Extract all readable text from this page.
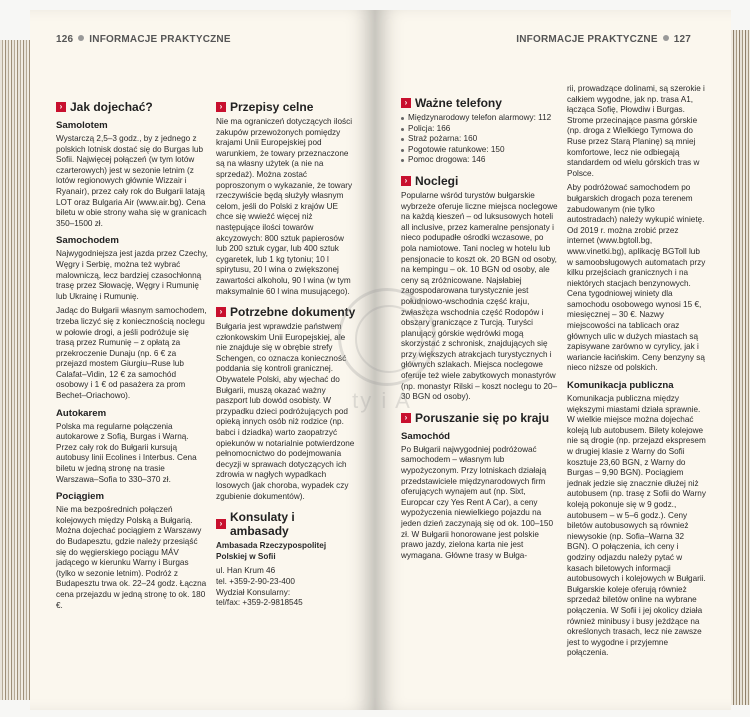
126 INFORMACJE PRAKTYCZNE
› Jak dojechać?
Samolotem

Wystarczą 2,5–3 godz., by z jednego z polskich lotnisk dostać się do Burgas lub Sofii. Najwięcej połączeń (w tym lotów czarterowych) jest w sezonie letnim (z lotów regionowych głównie Wizzair i Ryanair), przez cały rok do Bułgarii latają LOT oraz Bulgaria Air (www.air.bg). Cena biletu w obie strony waha się w granicach 350–1500 zł.

Samochodem

Najwygodniejsza jest jazda przez Czechy, Węgry i Serbię, można też wybrać malowniczą, lecz bardziej czasochłonną trasę przez Słowację, Węgry i Rumunię lub Ukrainę i Rumunię.

Jadąc do Bułgarii własnym samochodem, trzeba liczyć się z koniecznością noclegu w połowie drogi, a jeśli podróżuje się trasą przez Rumunię – z opłatą za przekroczenie Dunaju (np. 6 € za przejazd mostem Giurgiu–Ruse lub Calafat–Vidin, 12 € za samochód osobowy i 1 € od pasażera za prom Bechet–Oriachowo).

Autokarem

Polska ma regularne połączenia autokarowe z Sofią, Burgas i Warną. Przez cały rok do Bułgarii kursują autobusy linii Ecolines i Interbus. Cena biletu w jedną stronę na trasie Warszawa–Sofia to 330–370 zł.

Pociągiem

Nie ma bezpośrednich połączeń kolejowych między Polską a Bułgarią. Można dojechać pociągiem z Warszawy do Budapesztu, gdzie należy przesiąść się do węgierskiego pociągu MÁV jadącego w kierunku Warny i Burgas (tylko w sezonie letnim). Podróż z Budapesztu trwa ok. 22–24 godz. Łączna cena przejazdu w jedną stronę to ok. 180 €.

› Przepisy celne

Nie ma ograniczeń dotyczących ilości zakupów przewożonych pomiędzy krajami Unii Europejskiej pod warunkiem, że towary przeznaczone są na własny użytek (a nie na sprzedaż). Można zostać poproszonym o wykazanie, że towary rzeczywiście będą służyły własnym celom, jeśli do Polski z krajów UE chce się wwieźć więcej niż następujące ilości towarów akcyzowych: 800 sztuk papierosów lub 200 sztuk cygar, lub 400 sztuk cygaretek, lub 1 kg tytoniu; 10 l spirytusu, 20 l wina o zwiększonej zawartości alkoholu, 90 l wina (w tym maksymalnie 60 l wina musującego).

› Potrzebne dokumenty

Bułgaria jest wprawdzie państwem członkowskim Unii Europejskiej, ale nie znajduje się w obrębie strefy Schengen, co oznacza konieczność poddania się kontroli granicznej. Obywatele Polski, aby wjechać do Bułgarii, muszą okazać ważny paszport lub dowód osobisty. W przypadku dzieci podróżujących pod opieką innych osób niż rodzice (np. babci i dziadka) warto zaopatrzyć opiekunów w notarialnie potwierdzone pełnomocnictwo do podejmowania decyzji w sprawach dotyczących ich zdrowia w nagłych wypadkach losowych (jak choroba, wypadek czy zgubienie dokumentów).

› Konsulaty i ambasady

Ambasada Rzeczypospolitej Polskiej w Sofii

ul. Han Krum 46
tel. +359-2-90-23-400
Wydział Konsularny:
tel/fax: +359-2-9818545
INFORMACJE PRAKTYCZNE 127
› Ważne telefony
Międzynarodowy telefon alarmowy: 112
Policja: 166
Straż pożarna: 160
Pogotowie ratunkowe: 150
Pomoc drogowa: 146
› Noclegi

Popularne wśród turystów bułgarskie wybrzeże oferuje liczne miejsca noclegowe na każdą kieszeń – od luksusowych hoteli all inclusive, przez kameralne pensjonaty i nieco podupadłe ośrodki wczasowe, po pola namiotowe. Tani nocleg w hotelu lub pensjonacie to koszt ok. 20 BGN od osoby, na kempingu – ok. 10 BGN od osoby, ale ceny są zróżnicowane. Najsłabiej zagospodarowana turystycznie jest południowo-wschodnia część kraju, zwłaszcza wschodnia część Rodopów i obszary graniczące z Turcją. Turyści planujący górskie wędrówki mogą skorzystać z schronisk, znajdujących się przy większych atrakcjach turystycznych i głównych szlakach. Miejsca noclegowe oferuje też wiele zabytkowych monastyrów (np. monastyr Rilski – koszt noclegu to 20–30 BGN od osoby).

› Poruszanie się po kraju
Samochód

Po Bułgarii najwygodniej podróżować samochodem – własnym lub wypożyczonym. Przy lotniskach działają przedstawiciele międzynarodowych firm oferujących wynajem aut (np. Sixt, Europcar czy Yes Rent A Car), a ceny wypożyczenia niewielkiego pojazdu na jeden dzień zaczynają się od ok. 100–150 zł. W Bułgarii honorowane jest polskie prawo jazdy, zielona karta nie jest wymagana. Główne trasy w Bułga-

rii, prowadzące dolinami, są szerokie i całkiem wygodne, jak np. trasa A1, łącząca Sofię, Płowdiw i Burgas. Strome przecinające pasma górskie (np. droga z Wielkiego Tyrnowa do Ruse przez Starą Planinę) są mniej komfortowe, lecz nie odbiegają standardem od wielu górskich tras w Polsce.

Aby podróżować samochodem po bułgarskich drogach poza terenem zabudowanym (nie tylko autostradach) należy wykupić winietę. Od 2019 r. można zrobić przez internet (www.bgtoll.bg, www.vinetki.bg), aplikację BGToll lub w samoobsługowych automatach przy kilku przejściach granicznych i na niektórych stacjach benzynowych. Cena tygodniowej winiety dla samochodu osobowego wynosi 15 €, miesięcznej – 30 €. Nazwy miejscowości na tablicach oraz głównych ulic w dużych miastach są zapisywane zarówno w cyrylicy, jak i wariancie łacińskim. Ceny benzyny są nieco niższe od polskich.

Komunikacja publiczna

Komunikacja publiczna między większymi miastami działa sprawnie. W wielkie miejsce można dojechać koleją lub autobusem. Bilety kolejowe nie są drogie (np. przejazd ekspresem w drugiej klasie z Warny do Sofii kosztuje 23,60 BGN, z Warny do Burgas – 9,90 BGN). Pociągiem jednak jedzie się znacznie dłużej niż autobusem (np. trasę z Sofii do Warny koleją pokonuje się w 9 godz., autobusem – w 5–6 godz.). Ceny biletów autobusowych są również niewysokie (np. Sofia–Warna 32 BGN). O połączenia, ich ceny i godziny odjazdu należy pytać w kasach biletowych informacji autobusowych i kolejowych w Bułgarii. Bułgarskie koleje oferują również sprzedaż biletów online na wybrane połączenia. W Sofii i jej okolicy działa również minibusy i busy jeżdżące na określonych trasach, lecz nie zawsze jest to wygodne i przyjemne połączenia.

ty i A
